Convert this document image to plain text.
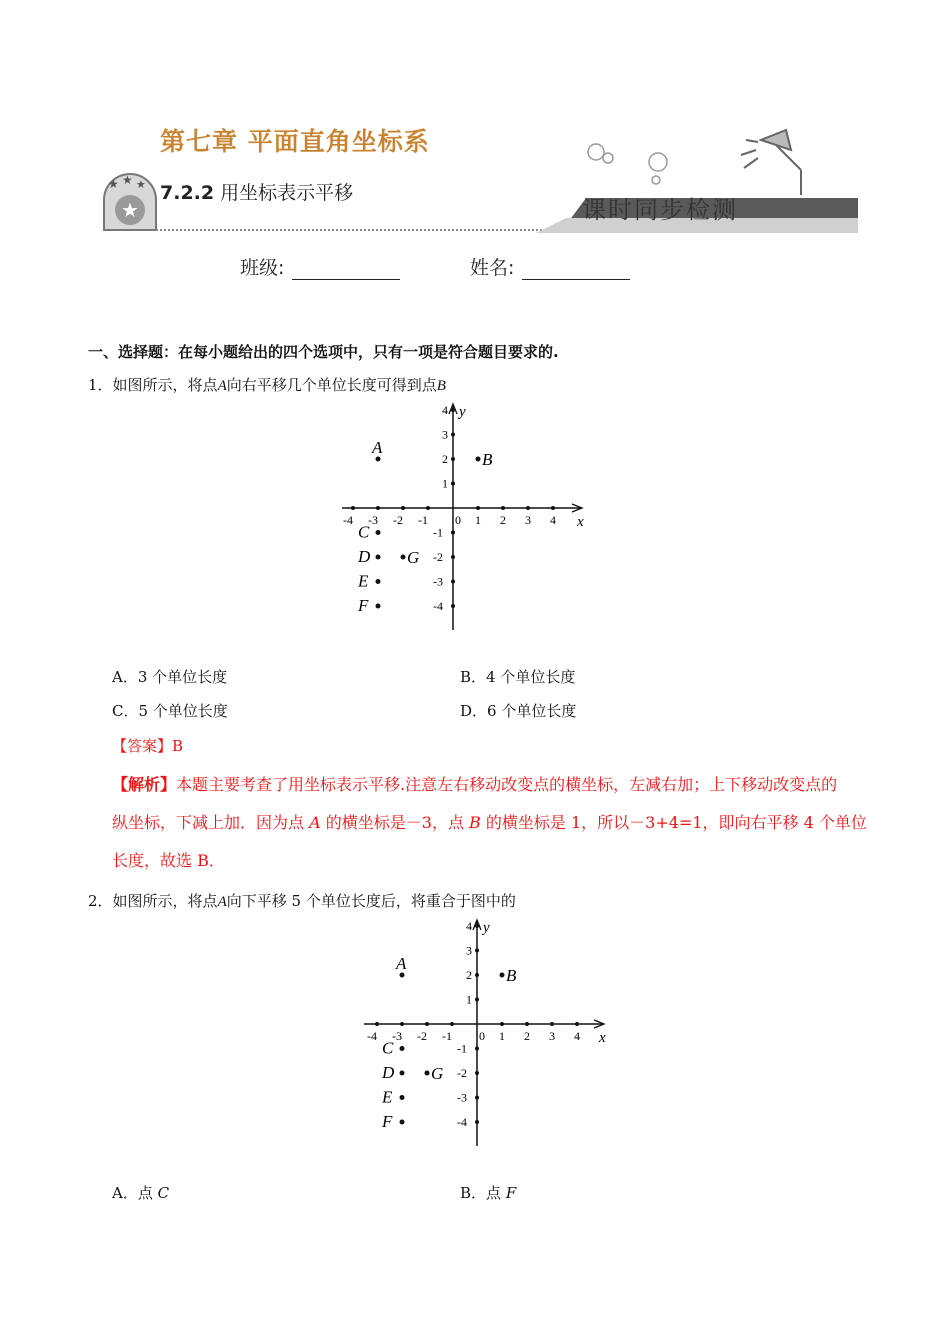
★
★ ★ ★
第七章 平面直角坐标系
7.2.2 用坐标表示平移
课时同步检测
班级:	姓名:
一、选择题：在每小题给出的四个选项中，只有一项是符合题目要求的.
1．如图所示，将点A向右平移几个单位长度可得到点B
x
y
0
-4 -3 -2 -1	1 2 3 4
4
3
2
1
-1
-2
-3
-4
A
B
C
D G
E
F
A．3 个单位长度	B．4 个单位长度
C．5 个单位长度	D．6 个单位长度
【答案】B
【解析】本题主要考查了用坐标表示平移.注意左右移动改变点的横坐标，左减右加；上下移动改变点的
纵坐标，下减上加．因为点 A 的横坐标是－3，点 B 的横坐标是 1，所以－3+4=1，即向右平移 4 个单位
长度，故选 B．
2．如图所示，将点A向下平移 5 个单位长度后，将重合于图中的
x
y
0
-4 -3 -2 -1	1 2 3 4
4
3
2
1
-1
-2
-3
-4
A
B
C
D G
E
F
A．点 C	B．点 F
